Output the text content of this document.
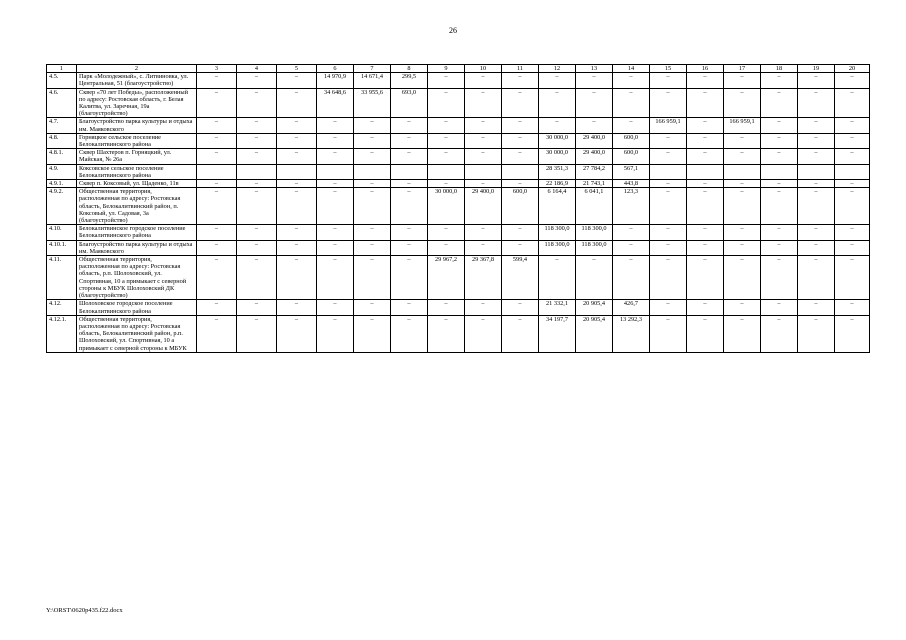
26
1	2	3	4	5	6	7	8	9	10	11	12	13	14	15	16	17	18	19	20
4.5.	Парк «Молодежный», с. Литвиновка, ул. Центральная, 51 (благоустройство)	–	–	–	14 970,9	14 671,4	299,5	–	–	–	–	–	–	–	–	–	–	–	–
4.6.	Сквер «70 лет Победы», расположенный по адресу: Ростовская область, г. Белая Калитва, ул. Заречная, 19а (благоустройство)	–	–	–	34 648,6	33 955,6	693,0	–	–	–	–	–	–	–	–	–	–	–	–
4.7.	Благоустройство парка культуры и отдыха им. Маяковского	–	–	–	–	–	–	–	–	–	–	–	–	166 959,1	–	166 959,1	–	–	–
4.8.	Горняцкое сельское поселение Белокалитвинского района	–	–	–	–	–	–	–	–	–	30 000,0	29 400,0	600,0	–	–	–	–	–	–
4.8.1.	Сквер Шахтеров п. Горняцкий, ул. Майская, № 26а	–	–	–	–	–	–	–	–	–	30 000,0	29 400,0	600,0	–	–	–	–	–	–
4.9.	Коксовское сельское поселение Белокалитвинского района										28 351,3	27 784,2	567,1						
4.9.1.	Сквер п. Коксовый, ул. Щаденко, 11в	–	–	–	–	–	–	–	–	–	22 186,9	21 743,1	443,8	–	–	–	–	–	–
4.9.2.	Общественная территория, расположенная по адресу: Ростовская область, Белокалитвинский район, п. Коксовый, ул. Садовая, 3а (благоустройство)	–	–	–	–	–	–	30 000,0	29 400,0	600,0	6 164,4	6 041,1	123,3	–	–	–	–	–	–
4.10.	Белокалитвинское городское поселение Белокалитвинского района	–	–	–	–	–	–	–	–	–	118 300,0	118 300,0	–	–	–	–	–	–	–
4.10.1.	Благоустройство парка культуры и отдыха им. Маяковского	–	–	–	–	–	–	–	–	–	118 300,0	118 300,0	–	–	–	–	–	–	–
4.11.	Общественная территория, расположенная по адресу: Ростовская область, р.п. Шолоховский, ул. Спортивная, 10 а примыкает с северной стороны к МБУК Шолоховский ДК (благоустройство)	–	–	–	–	–	–	29 967,2	29 367,8	599,4	–	–	–	–	–	–	–	–	–
4.12.	Шолоховское городское поселение Белокалитвинского района	–	–	–	–	–	–	–	–	–	21 332,1	20 905,4	426,7	–	–	–	–	–	–
4.12.1.	Общественная территория, расположенная по адресу: Ростовская область, Белокалитвинский район, р.п. Шолоховский, ул. Спортивная, 10 а примыкает с северной стороны к МБУК	–	–	–	–	–	–	–	–	–	34 197,7	20 905,4	13 292,3	–	–	–	–	–	–
Y:\ORST\0620p435.f22.docx
